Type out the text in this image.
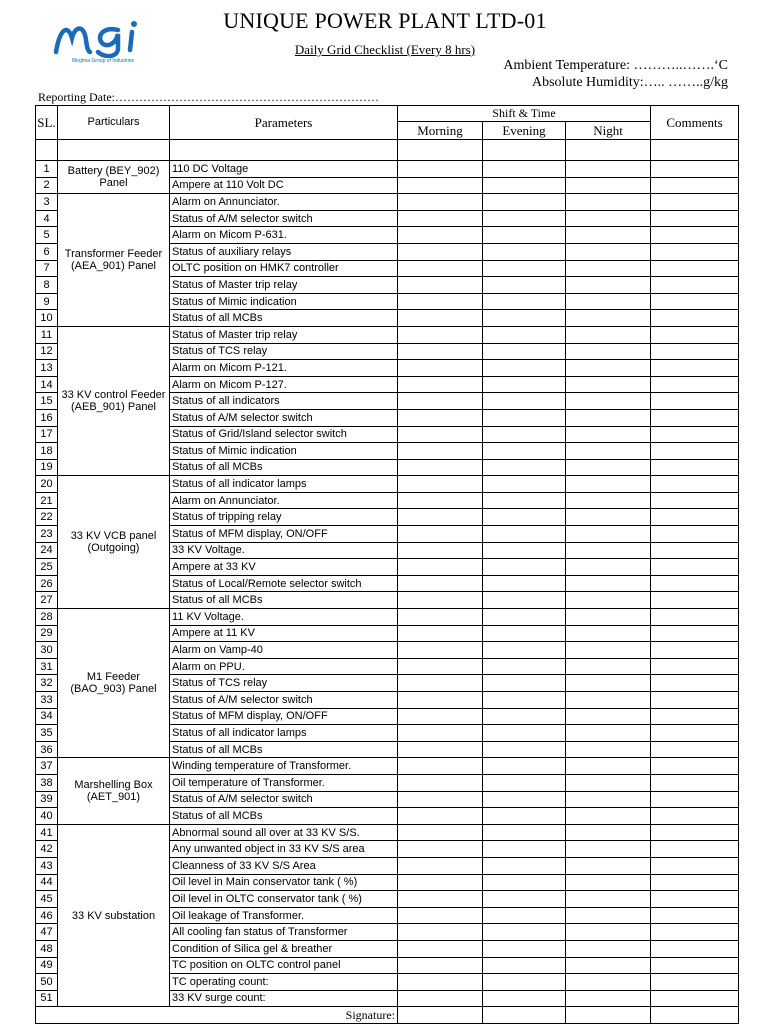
Meghna Group of Industries
UNIQUE POWER PLANT LTD-01
Daily Grid Checklist (Every 8 hrs)
Ambient Temperature: ………..…….‘C
Absolute Humidity:….. ……..g/kg
Reporting Date:…………………………………………………………
SL.	Particulars	Parameters	Shift & Time			Comments
			Morning	Evening	Night	

1	Battery (BEY_902) Panel	110 DC Voltage				
2		Ampere at 110 Volt DC				
3	Transformer Feeder (AEA_901) Panel	Alarm on Annunciator.				
4		Status of A/M selector switch				
5		Alarm on Micom P-631.				
6		Status of auxiliary relays				
7		OLTC position on HMK7 controller				
8		Status of Master trip relay				
9		Status of Mimic indication				
10		Status of all MCBs				
11	33 KV control Feeder (AEB_901) Panel	Status of Master trip relay				
12		Status of TCS relay				
13		Alarm on Micom P-121.				
14		Alarm on Micom P-127.				
15		Status of all indicators				
16		Status of A/M selector switch				
17		Status of Grid/Island selector switch				
18		Status of Mimic indication				
19		Status of all MCBs				
20	33 KV VCB panel (Outgoing)	Status of all indicator lamps				
21		Alarm on Annunciator.				
22		Status of tripping relay				
23		Status of MFM display, ON/OFF				
24		33 KV Voltage.				
25		Ampere at 33 KV				
26		Status of Local/Remote selector switch				
27		Status of all MCBs				
28	M1 Feeder (BAO_903) Panel	11 KV Voltage.				
29		Ampere at 11 KV				
30		Alarm on Vamp-40				
31		Alarm on PPU.				
32		Status of TCS relay				
33		Status of A/M selector switch				
34		Status of MFM display, ON/OFF				
35		Status of all indicator lamps				
36		Status of all MCBs				
37	Marshelling Box (AET_901)	Winding temperature of Transformer.				
38		Oil temperature of Transformer.				
39		Status of A/M selector switch				
40		Status of all MCBs				
41	33 KV substation	Abnormal sound all over at 33 KV S/S.				
42		Any unwanted object in 33 KV S/S area				
43		Cleanness of 33 KV S/S Area				
44		Oil level in Main conservator tank ( %)				
45		Oil level in OLTC conservator tank ( %)				
46		Oil leakage of Transformer.				
47		All cooling fan status of Transformer				
48		Condition of Silica gel & breather				
49		TC position on OLTC control panel				
50		TC operating count:				
51		33 KV surge count:				
Signature:						
